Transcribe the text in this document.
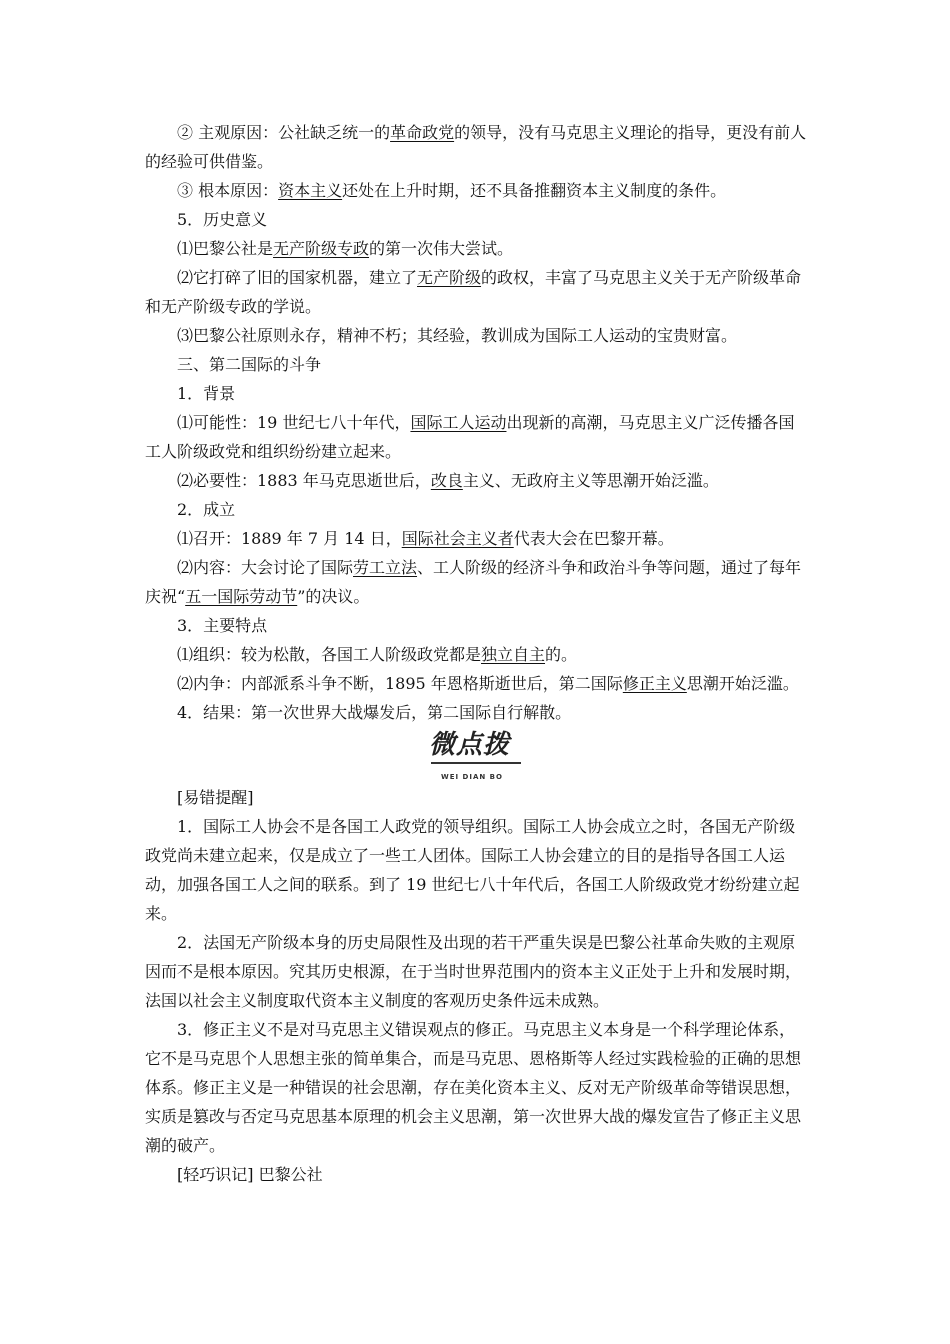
② 主观原因：公社缺乏统一的革命政党的领导，没有马克思主义理论的指导，更没有前人的经验可供借鉴。

③ 根本原因：资本主义还处在上升时期，还不具备推翻资本主义制度的条件。

5．历史意义

⑴巴黎公社是无产阶级专政的第一次伟大尝试。

⑵它打碎了旧的国家机器，建立了无产阶级的政权，丰富了马克思主义关于无产阶级革命和无产阶级专政的学说。

⑶巴黎公社原则永存，精神不朽；其经验，教训成为国际工人运动的宝贵财富。

三、第二国际的斗争

1．背景

⑴可能性：19 世纪七八十年代，国际工人运动出现新的高潮，马克思主义广泛传播各国工人阶级政党和组织纷纷建立起来。

⑵必要性：1883 年马克思逝世后，改良主义、无政府主义等思潮开始泛滥。

2．成立

⑴召开：1889 年 7 月 14 日，国际社会主义者代表大会在巴黎开幕。

⑵内容：大会讨论了国际劳工立法、工人阶级的经济斗争和政治斗争等问题，通过了每年庆祝“五一国际劳动节”的决议。

3．主要特点

⑴组织：较为松散，各国工人阶级政党都是独立自主的。

⑵内争：内部派系斗争不断，1895 年恩格斯逝世后，第二国际修正主义思潮开始泛滥。

4．结果：第一次世界大战爆发后，第二国际自行解散。

微点拨
WEI DIAN BO

[易错提醒]

1．国际工人协会不是各国工人政党的领导组织。国际工人协会成立之时，各国无产阶级政党尚未建立起来，仅是成立了一些工人团体。国际工人协会建立的目的是指导各国工人运动，加强各国工人之间的联系。到了 19 世纪七八十年代后，各国工人阶级政党才纷纷建立起来。

2．法国无产阶级本身的历史局限性及出现的若干严重失误是巴黎公社革命失败的主观原因而不是根本原因。究其历史根源，在于当时世界范围内的资本主义正处于上升和发展时期，法国以社会主义制度取代资本主义制度的客观历史条件远未成熟。

3．修正主义不是对马克思主义错误观点的修正。马克思主义本身是一个科学理论体系，它不是马克思个人思想主张的简单集合，而是马克思、恩格斯等人经过实践检验的正确的思想体系。修正主义是一种错误的社会思潮，存在美化资本主义、反对无产阶级革命等错误思想，实质是篡改与否定马克思基本原理的机会主义思潮，第一次世界大战的爆发宣告了修正主义思潮的破产。

[轻巧识记] 巴黎公社
